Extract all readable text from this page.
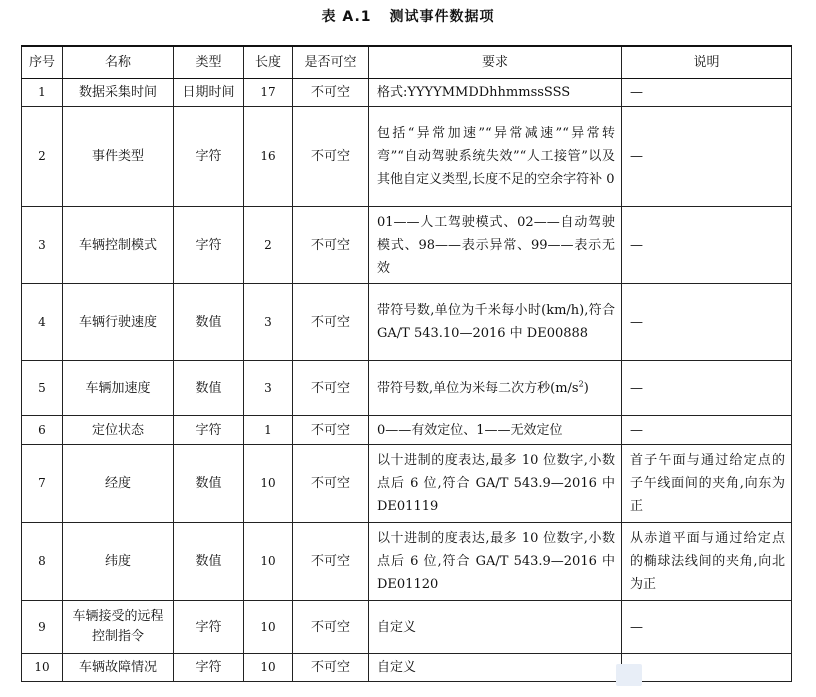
表 A.1 测试事件数据项
序号	名称	类型	长度	是否可空	要求	说明
1	数据采集时间	日期时间	17	不可空	格式:YYYYMMDDhhmmssSSS	—
2	事件类型	字符	16	不可空	包括“异常加速”“异常减速”“异常转弯”“自动驾驶系统失效”“人工接管”以及其他自定义类型,长度不足的空余字符补 0	—
3	车辆控制模式	字符	2	不可空	01——人工驾驶模式、02——自动驾驶模式、98——表示异常、99——表示无效	—
4	车辆行驶速度	数值	3	不可空	带符号数,单位为千米每小时(km/h),符合 GA/T 543.10—2016 中 DE00888	—
5	车辆加速度	数值	3	不可空	带符号数,单位为米每二次方秒$(m/s^2)$	—
6	定位状态	字符	1	不可空	0——有效定位、1——无效定位	—
7	经度	数值	10	不可空	以十进制的度表达,最多 10 位数字,小数点后 6 位,符合 GA/T 543.9—2016 中 DE01119	首子午面与通过给定点的子午线面间的夹角,向东为正
8	纬度	数值	10	不可空	以十进制的度表达,最多 10 位数字,小数点后 6 位,符合 GA/T 543.9—2016 中 DE01120	从赤道平面与通过给定点的椭球法线间的夹角,向北为正
9	车辆接受的远程控制指令	字符	10	不可空	自定义	—
10	车辆故障情况	字符	10	不可空	自定义	
